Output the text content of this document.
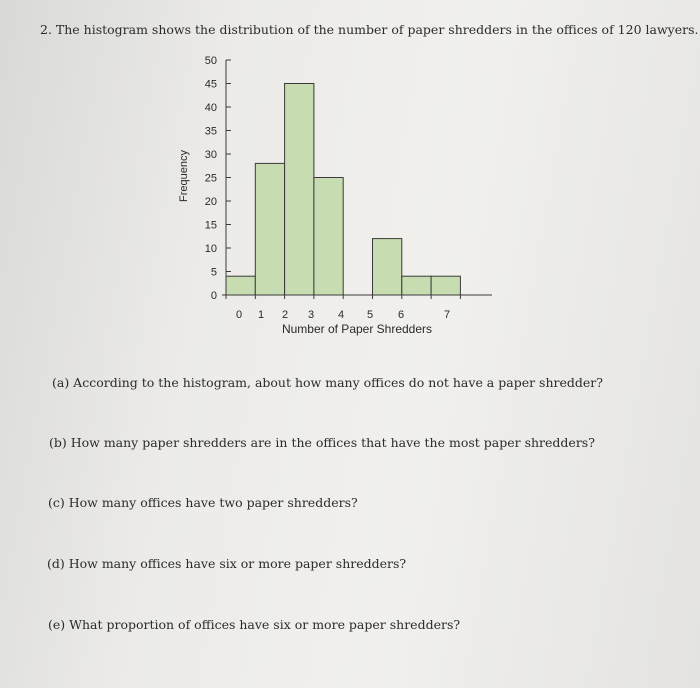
2. The histogram shows the distribution of the number of paper shredders in the offices of 120 lawyers.
0
5
10
15
20
25
30
35
40
45
50
0 1 2 3 4 5 6	7
Frequency
Number of Paper Shredders
(a) According to the histogram, about how many offices do not have a paper shredder?
(b) How many paper shredders are in the offices that have the most paper shredders?
(c) How many offices have two paper shredders?
(d) How many offices have six or more paper shredders?
(e) What proportion of offices have six or more paper shredders?
